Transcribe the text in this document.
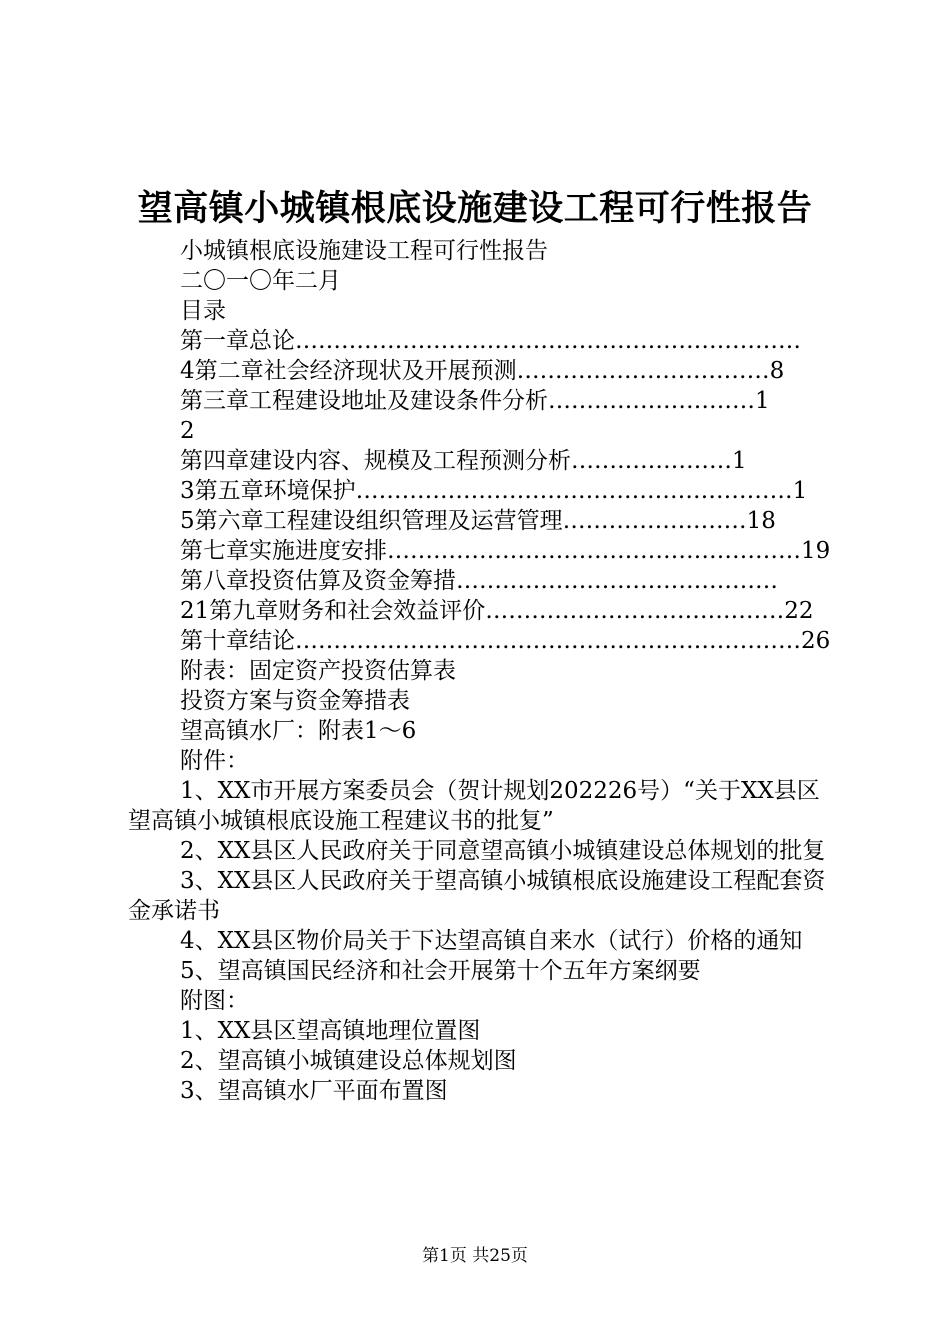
望高镇小城镇根底设施建设工程可行性报告
小城镇根底设施建设工程可行性报告
二〇一〇年二月
目录
第一章总论…………………………………………………………
4第二章社会经济现状及开展预测……………………………8
第三章工程建设地址及建设条件分析………………………1
2
第四章建设内容、规模及工程预测分析…………………1
3第五章环境保护…………………………………………………1
5第六章工程建设组织管理及运营管理……………………18
第七章实施进度安排………………………………………………19
第八章投资估算及资金筹措……………………………………
21第九章财务和社会效益评价…………………………………22
第十章结论…………………………………………………………26
附表：固定资产投资估算表
投资方案与资金筹措表
望高镇水厂：附表1～6
附件：
1、XX市开展方案委员会（贺计规划202226号）“关于XX县区望高镇小城镇根底设施工程建议书的批复”
2、XX县区人民政府关于同意望高镇小城镇建设总体规划的批复
3、XX县区人民政府关于望高镇小城镇根底设施建设工程配套资金承诺书
4、XX县区物价局关于下达望高镇自来水（试行）价格的通知
5、望高镇国民经济和社会开展第十个五年方案纲要
附图：
1、XX县区望高镇地理位置图
2、望高镇小城镇建设总体规划图
3、望高镇水厂平面布置图
第1页 共25页
